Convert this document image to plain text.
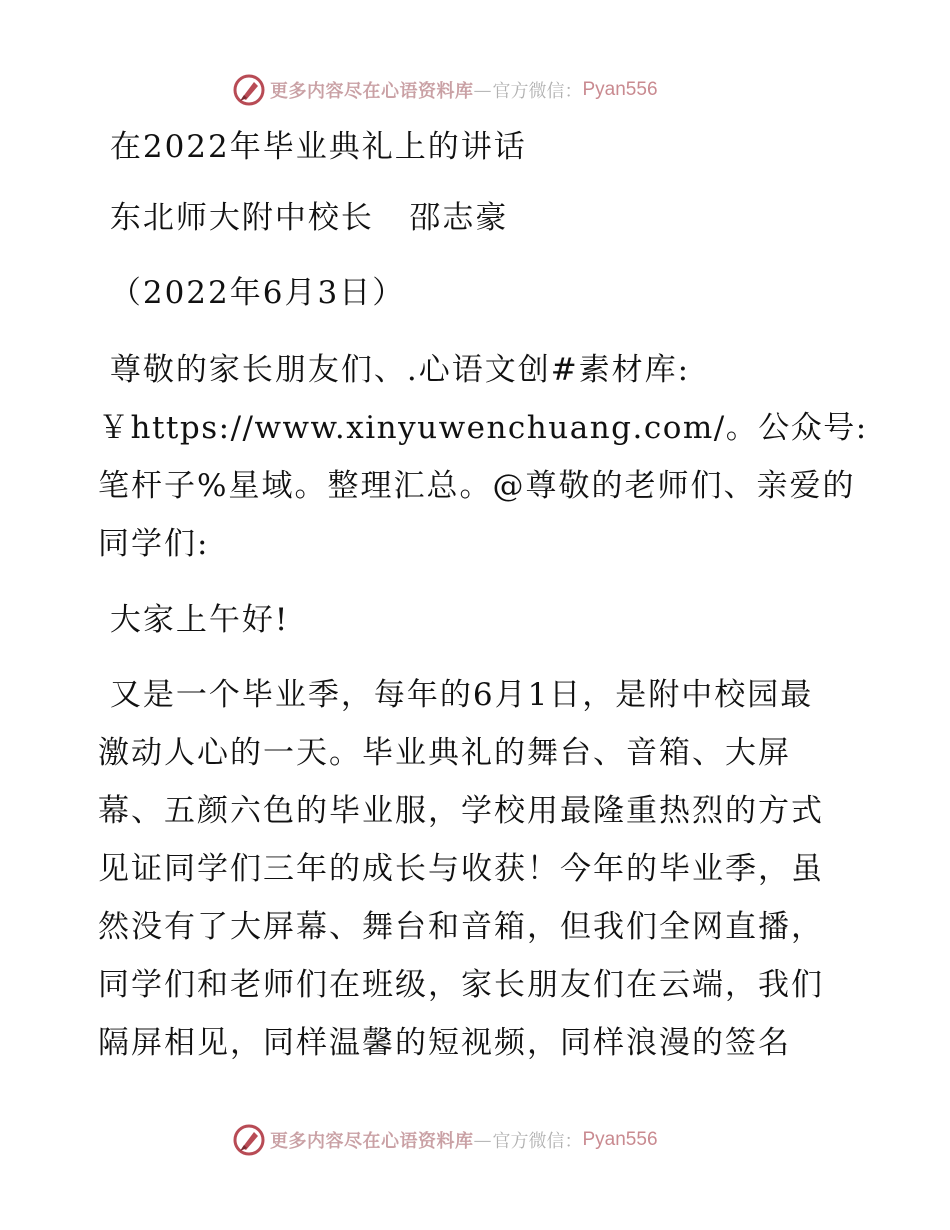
更多内容尽在心语资料库 — 官方微信： Pyan556
在2022年毕业典礼上的讲话
东北师大附中校长   邵志豪
（2022年6月3日）
尊敬的家长朋友们、.心语文创#素材库:
￥https://www.xinyuwenchuang.com/。公众号:
笔杆子%星域。整理汇总。@尊敬的老师们、亲爱的
同学们:
大家上午好!
又是一个毕业季，每年的6月1日，是附中校园最
激动人心的一天。毕业典礼的舞台、音箱、大屏
幕、五颜六色的毕业服，学校用最隆重热烈的方式
见证同学们三年的成长与收获！今年的毕业季，虽
然没有了大屏幕、舞台和音箱，但我们全网直播，
同学们和老师们在班级，家长朋友们在云端，我们
隔屏相见，同样温馨的短视频，同样浪漫的签名
更多内容尽在心语资料库 — 官方微信： Pyan556
